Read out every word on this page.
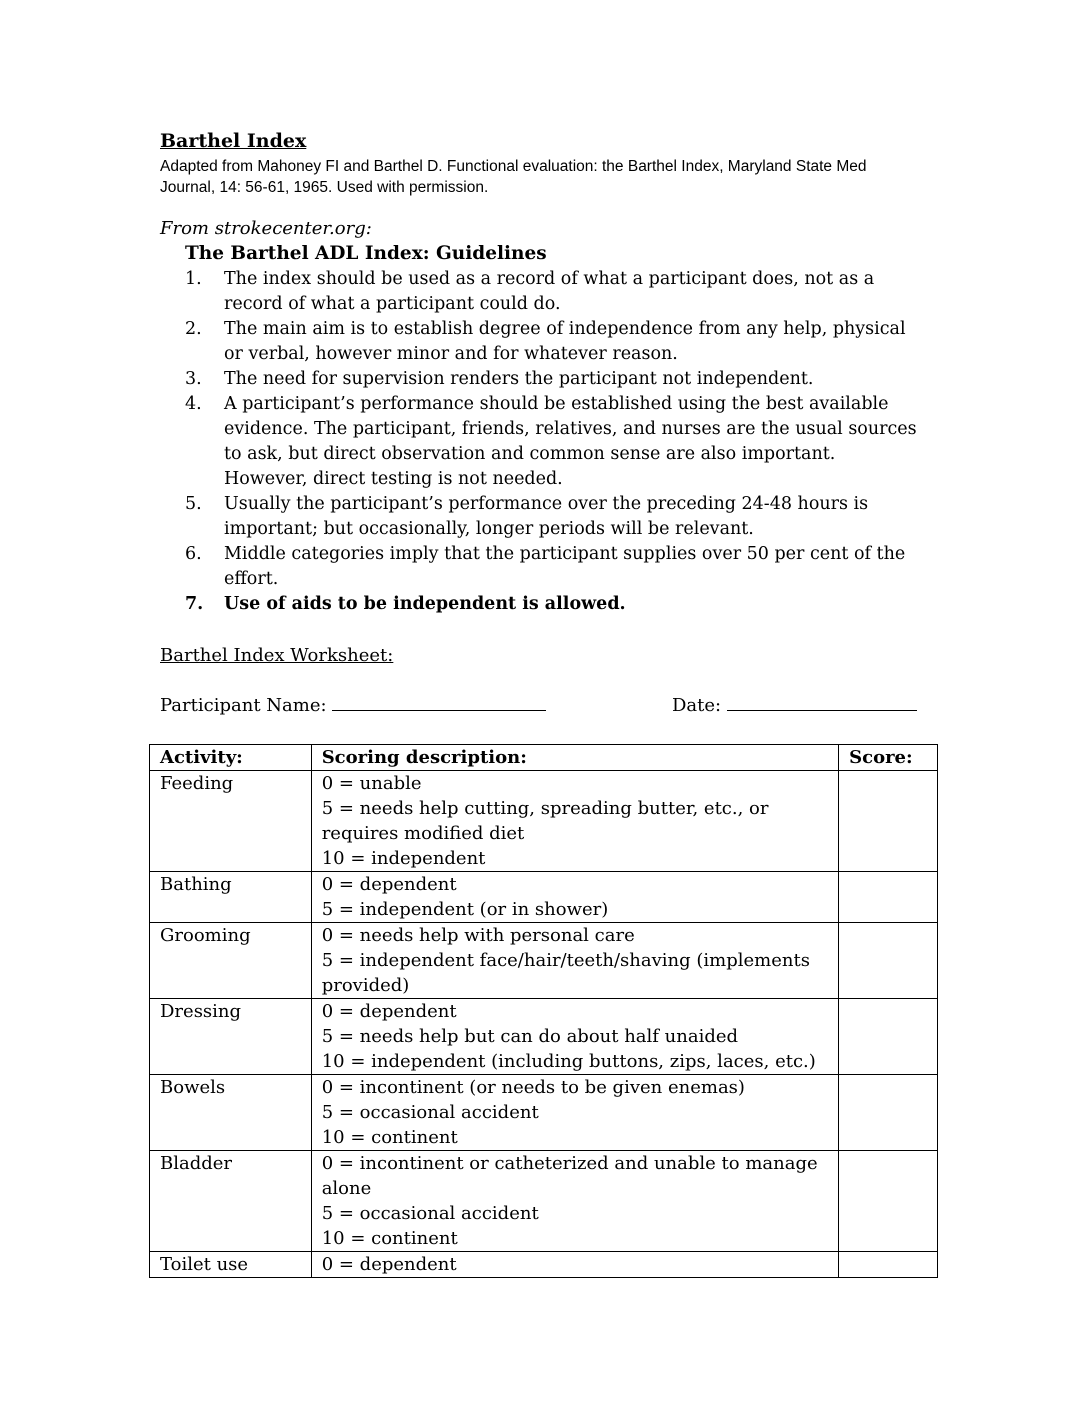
Barthel Index

Adapted from Mahoney FI and Barthel D. Functional evaluation: the Barthel Index, Maryland State Med Journal, 14: 56-61, 1965. Used with permission.

From strokecenter.org:

The Barthel ADL Index: Guidelines
1. The index should be used as a record of what a participant does, not as a record of what a participant could do.
2. The main aim is to establish degree of independence from any help, physical or verbal, however minor and for whatever reason.
3. The need for supervision renders the participant not independent.
4. A participant’s performance should be established using the best available evidence. The participant, friends, relatives, and nurses are the usual sources to ask, but direct observation and common sense are also important. However, direct testing is not needed.
5. Usually the participant’s performance over the preceding 24-48 hours is important; but occasionally, longer periods will be relevant.
6. Middle categories imply that the participant supplies over 50 per cent of the effort.
7. Use of aids to be independent is allowed.
Barthel Index Worksheet:
Participant Name:	Date:
Activity:	Scoring description:	Score:
Feeding	0 = unable
5 = needs help cutting, spreading butter, etc., or requires modified diet
10 = independent	

Bathing	0 = dependent
5 = independent (or in shower)	

Grooming	0 = needs help with personal care
5 = independent face/hair/teeth/shaving (implements provided)	

Dressing	0 = dependent
5 = needs help but can do about half unaided
10 = independent (including buttons, zips, laces, etc.)	

Bowels	0 = incontinent (or needs to be given enemas)
5 = occasional accident
10 = continent	

Bladder	0 = incontinent or catheterized and unable to manage alone
5 = occasional accident
10 = continent	

Toilet use	0 = dependent	
